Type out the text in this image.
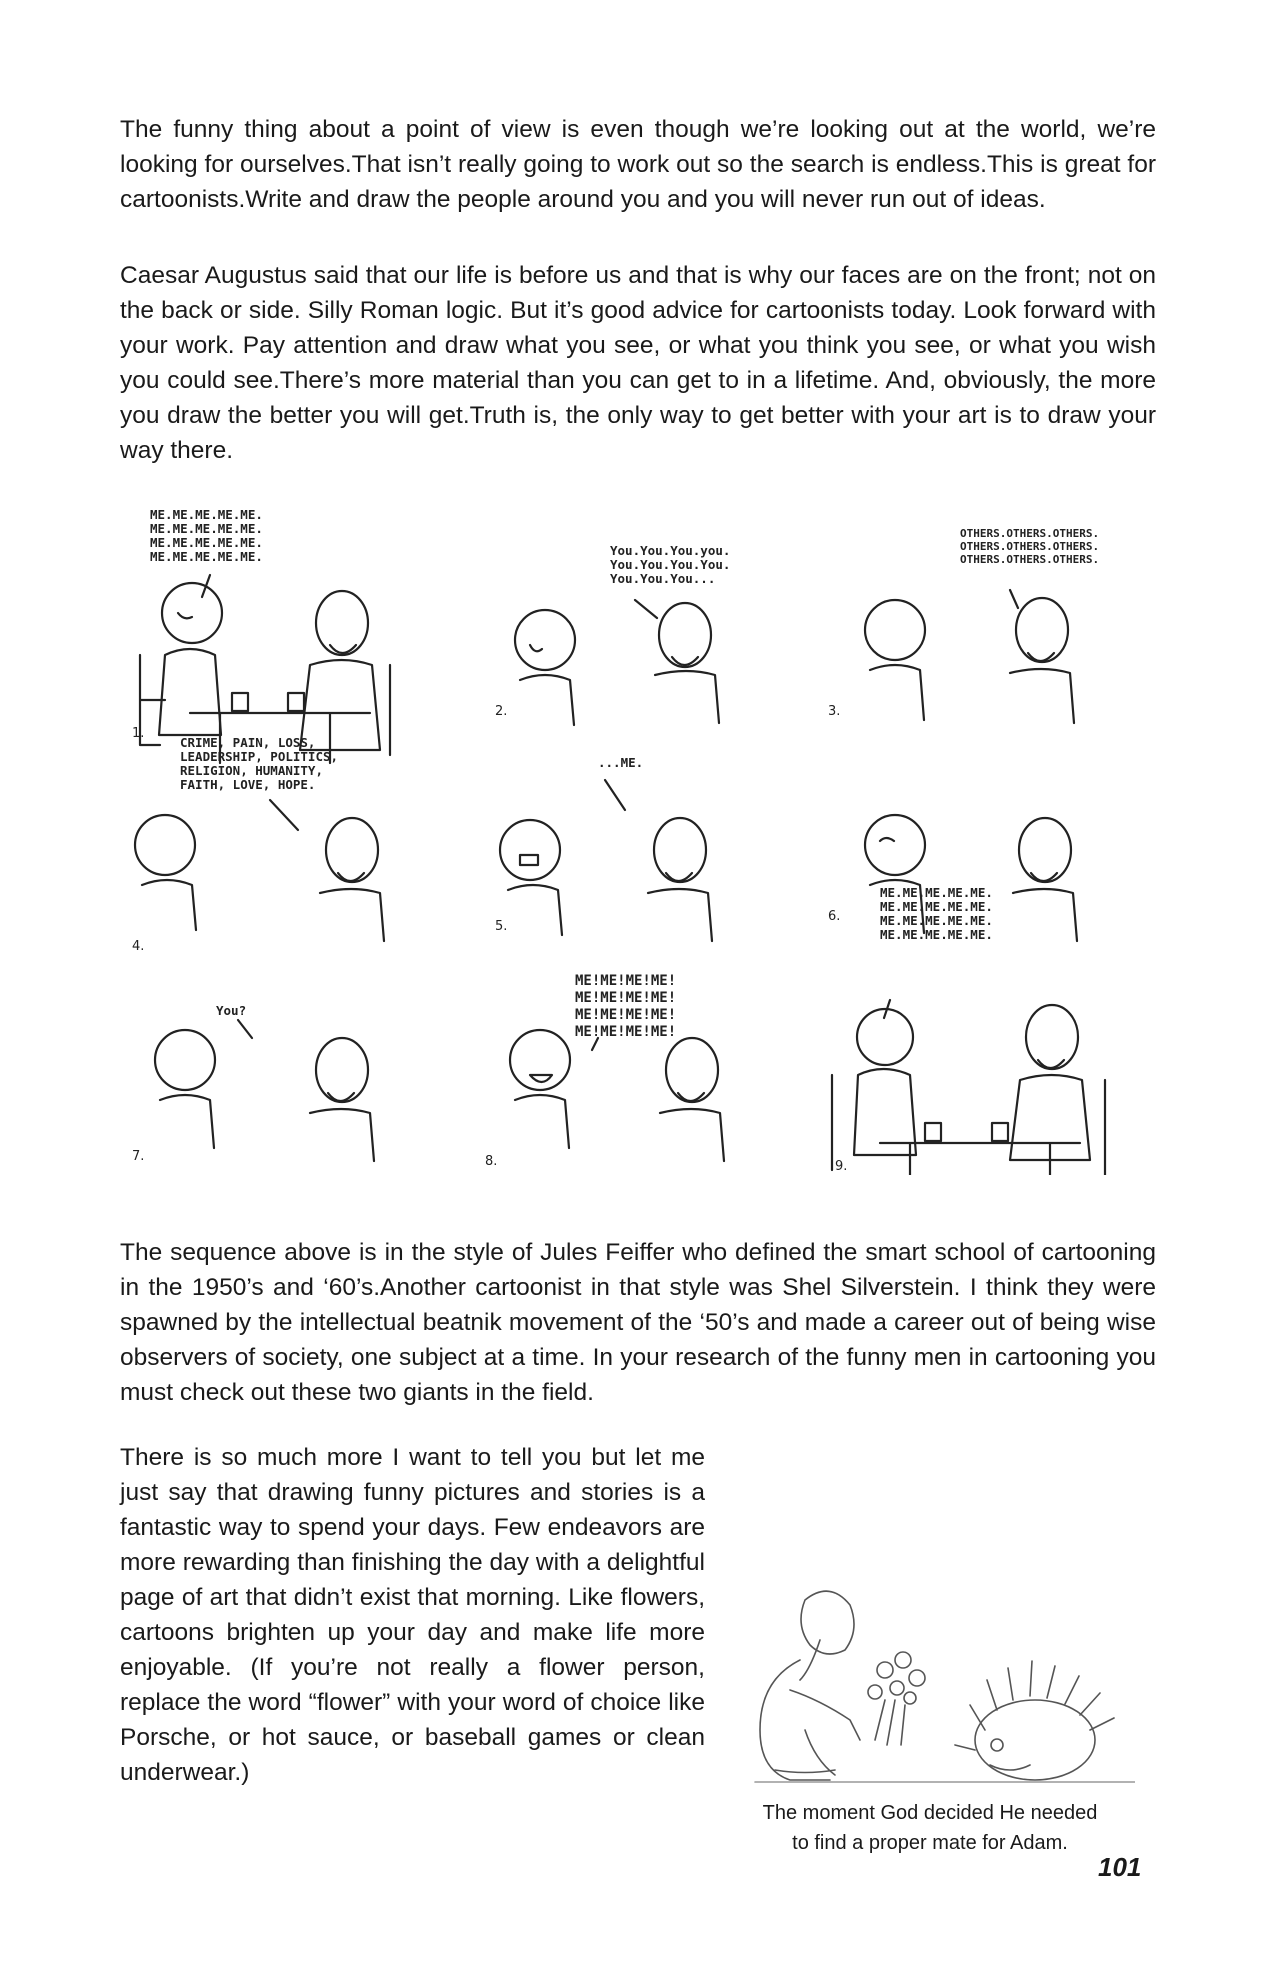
The funny thing about a point of view is even though we’re looking out at the world, we’re looking for ourselves.That isn’t really going to work out so the search is endless.This is great for cartoonists.Write and draw the people around you and you will never run out of ideas.

Caesar Augustus said that our life is before us and that is why our faces are on the front; not on the back or side. Silly Roman logic. But it’s good advice for cartoonists today. Look forward with your work. Pay attention and draw what you see, or what you think you see, or what you wish you could see.There’s more material than you can get to in a lifetime. And, obviously, the more you draw the better you will get.Truth is, the only way to get better with your art is to draw your way there.

ME.ME.ME.ME.ME. ME.ME.ME.ME.ME. ME.ME.ME.ME.ME. ME.ME.ME.ME.ME.	You.You.You.you. You.You.You.You. You.You.You...
OTHERS.OTHERS.OTHERS. OTHERS.OTHERS.OTHERS. OTHERS.OTHERS.OTHERS.
CRIME, PAIN, LOSS, LEADERSHIP, POLITICS, RELIGION, HUMANITY, FAITH, LOVE, HOPE.
...ME.
You?
ME!ME!ME!ME! ME!ME!ME!ME! ME!ME!ME!ME! ME!ME!ME!ME!
ME.ME.ME.ME.ME. ME.ME.ME.ME.ME. ME.ME.ME.ME.ME. ME.ME.ME.ME.ME.
1.
2.	3.
4.
5.
6.
7.	8.	9.

The sequence above is in the style of Jules Feiffer who defined the smart school of cartooning in the 1950’s and ‘60’s.Another cartoonist in that style was Shel Silverstein. I think they were spawned by the intellectual beatnik movement of the ‘50’s and made a career out of being wise observers of society, one subject at a time. In your research of the funny men in cartooning you must check out these two giants in the field.

There is so much more I want to tell you but let me just say that drawing funny pictures and stories is a fantastic way to spend your days. Few endeavors are more rewarding than finishing the day with a delightful page of art that didn’t exist that morning. Like flowers, cartoons brighten up your day and make life more enjoyable. (If you’re not really a flower person, replace the word “flower” with your word of choice like Porsche, or hot sauce, or baseball games or clean underwear.)

The moment God decided He needed

to find a proper mate for Adam.

101
